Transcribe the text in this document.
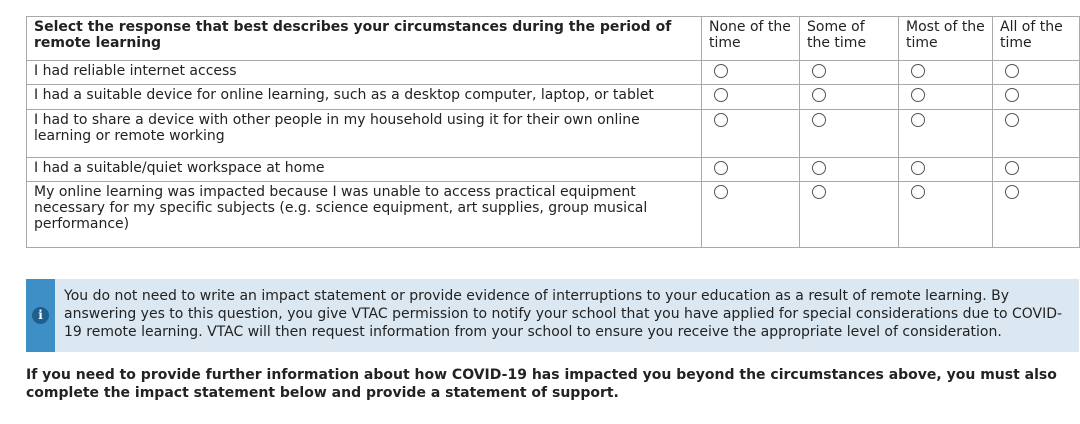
Select the response that best describes your circumstances during the period of remote learning	None of the time	Some of the time	Most of the time	All of the time
I had reliable internet access				
I had a suitable device for online learning, such as a desktop computer, laptop, or tablet				
I had to share a device with other people in my household using it for their own online learning or remote working				
I had a suitable/quiet workspace at home				
My online learning was impacted because I was unable to access practical equipment necessary for my specific subjects (e.g. science equipment, art supplies, group musical performance)				
i
You do not need to write an impact statement or provide evidence of interruptions to your education as a result of remote learning. By answering yes to this question, you give VTAC permission to notify your school that you have applied for special considerations due to COVID-19 remote learning. VTAC will then request information from your school to ensure you receive the appropriate level of consideration.
If you need to provide further information about how COVID-19 has impacted you beyond the circumstances above, you must also complete the impact statement below and provide a statement of support.
